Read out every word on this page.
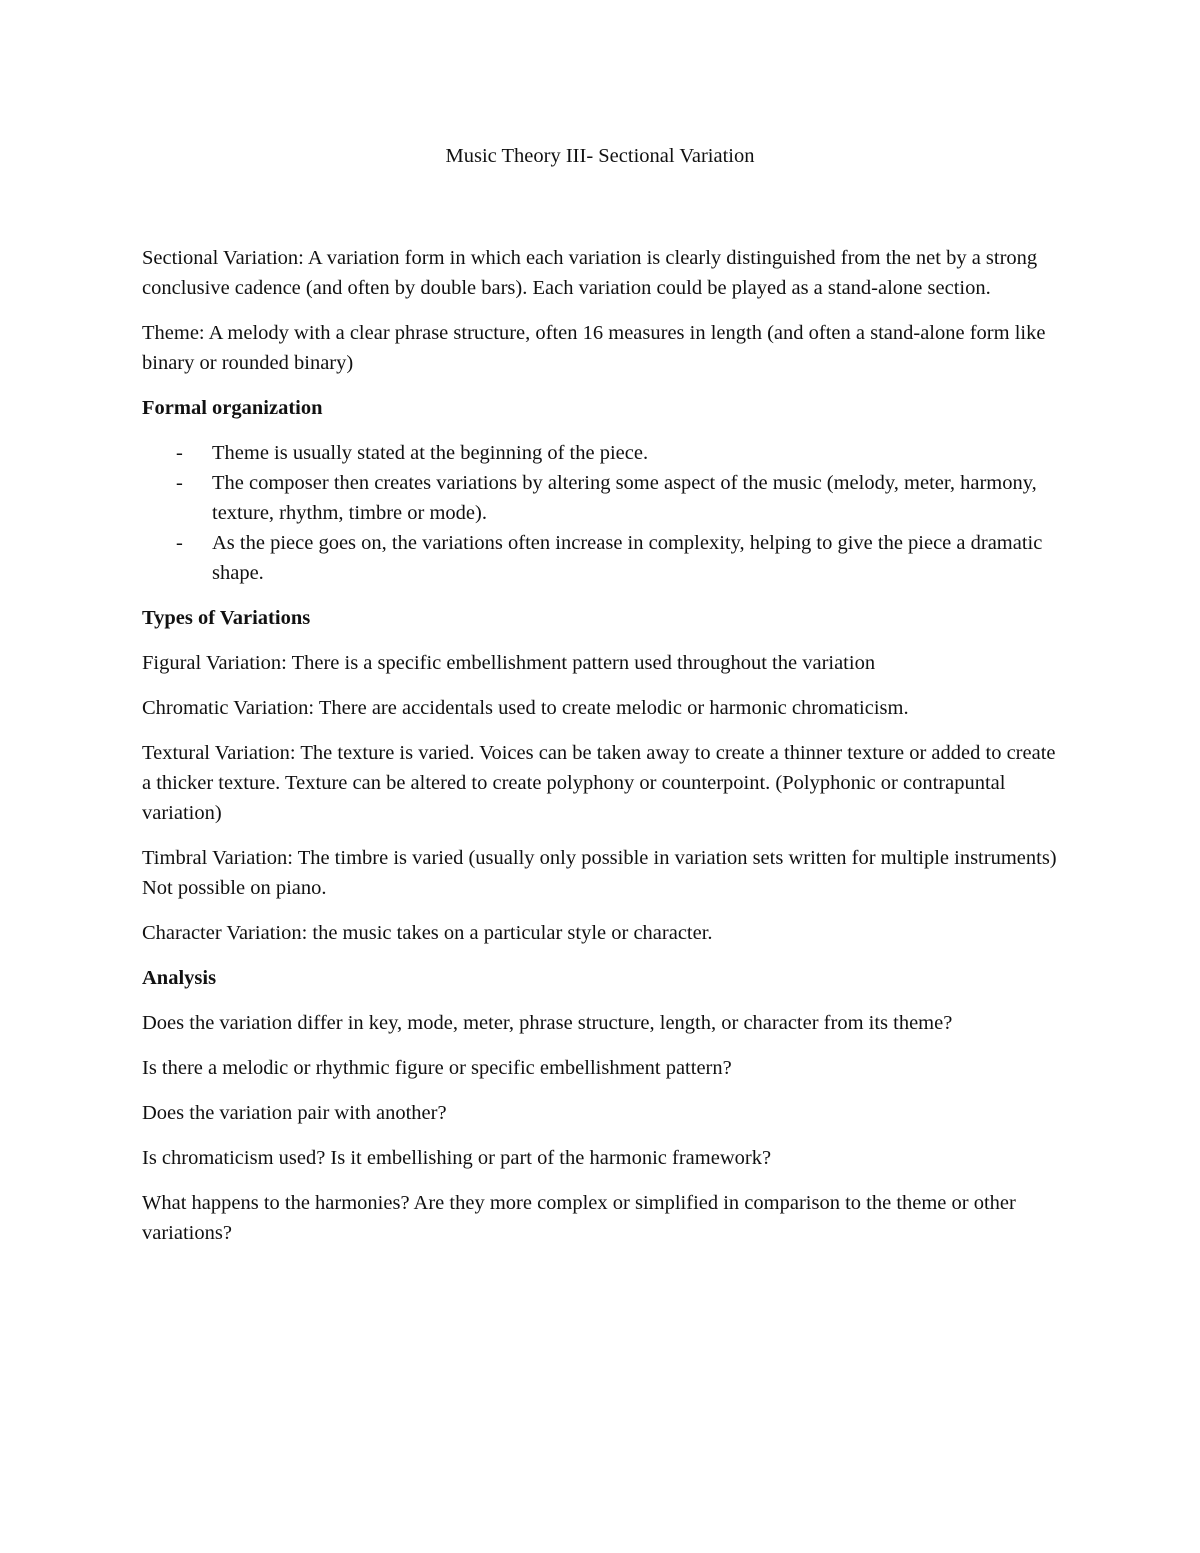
Music Theory III- Sectional Variation

Sectional Variation: A variation form in which each variation is clearly distinguished from the net by a strong conclusive cadence (and often by double bars). Each variation could be played as a stand-alone section.

Theme: A melody with a clear phrase structure, often 16 measures in length (and often a stand-alone form like binary or rounded binary)

Formal organization
- Theme is usually stated at the beginning of the piece.
- The composer then creates variations by altering some aspect of the music (melody, meter, harmony, texture, rhythm, timbre or mode).
- As the piece goes on, the variations often increase in complexity, helping to give the piece a dramatic shape.
Types of Variations

Figural Variation: There is a specific embellishment pattern used throughout the variation

Chromatic Variation: There are accidentals used to create melodic or harmonic chromaticism.

Textural Variation: The texture is varied. Voices can be taken away to create a thinner texture or added to create a thicker texture. Texture can be altered to create polyphony or counterpoint. (Polyphonic or contrapuntal variation)

Timbral Variation: The timbre is varied (usually only possible in variation sets written for multiple instruments) Not possible on piano.

Character Variation: the music takes on a particular style or character.

Analysis

Does the variation differ in key, mode, meter, phrase structure, length, or character from its theme?

Is there a melodic or rhythmic figure or specific embellishment pattern?

Does the variation pair with another?

Is chromaticism used? Is it embellishing or part of the harmonic framework?

What happens to the harmonies? Are they more complex or simplified in comparison to the theme or other variations?
